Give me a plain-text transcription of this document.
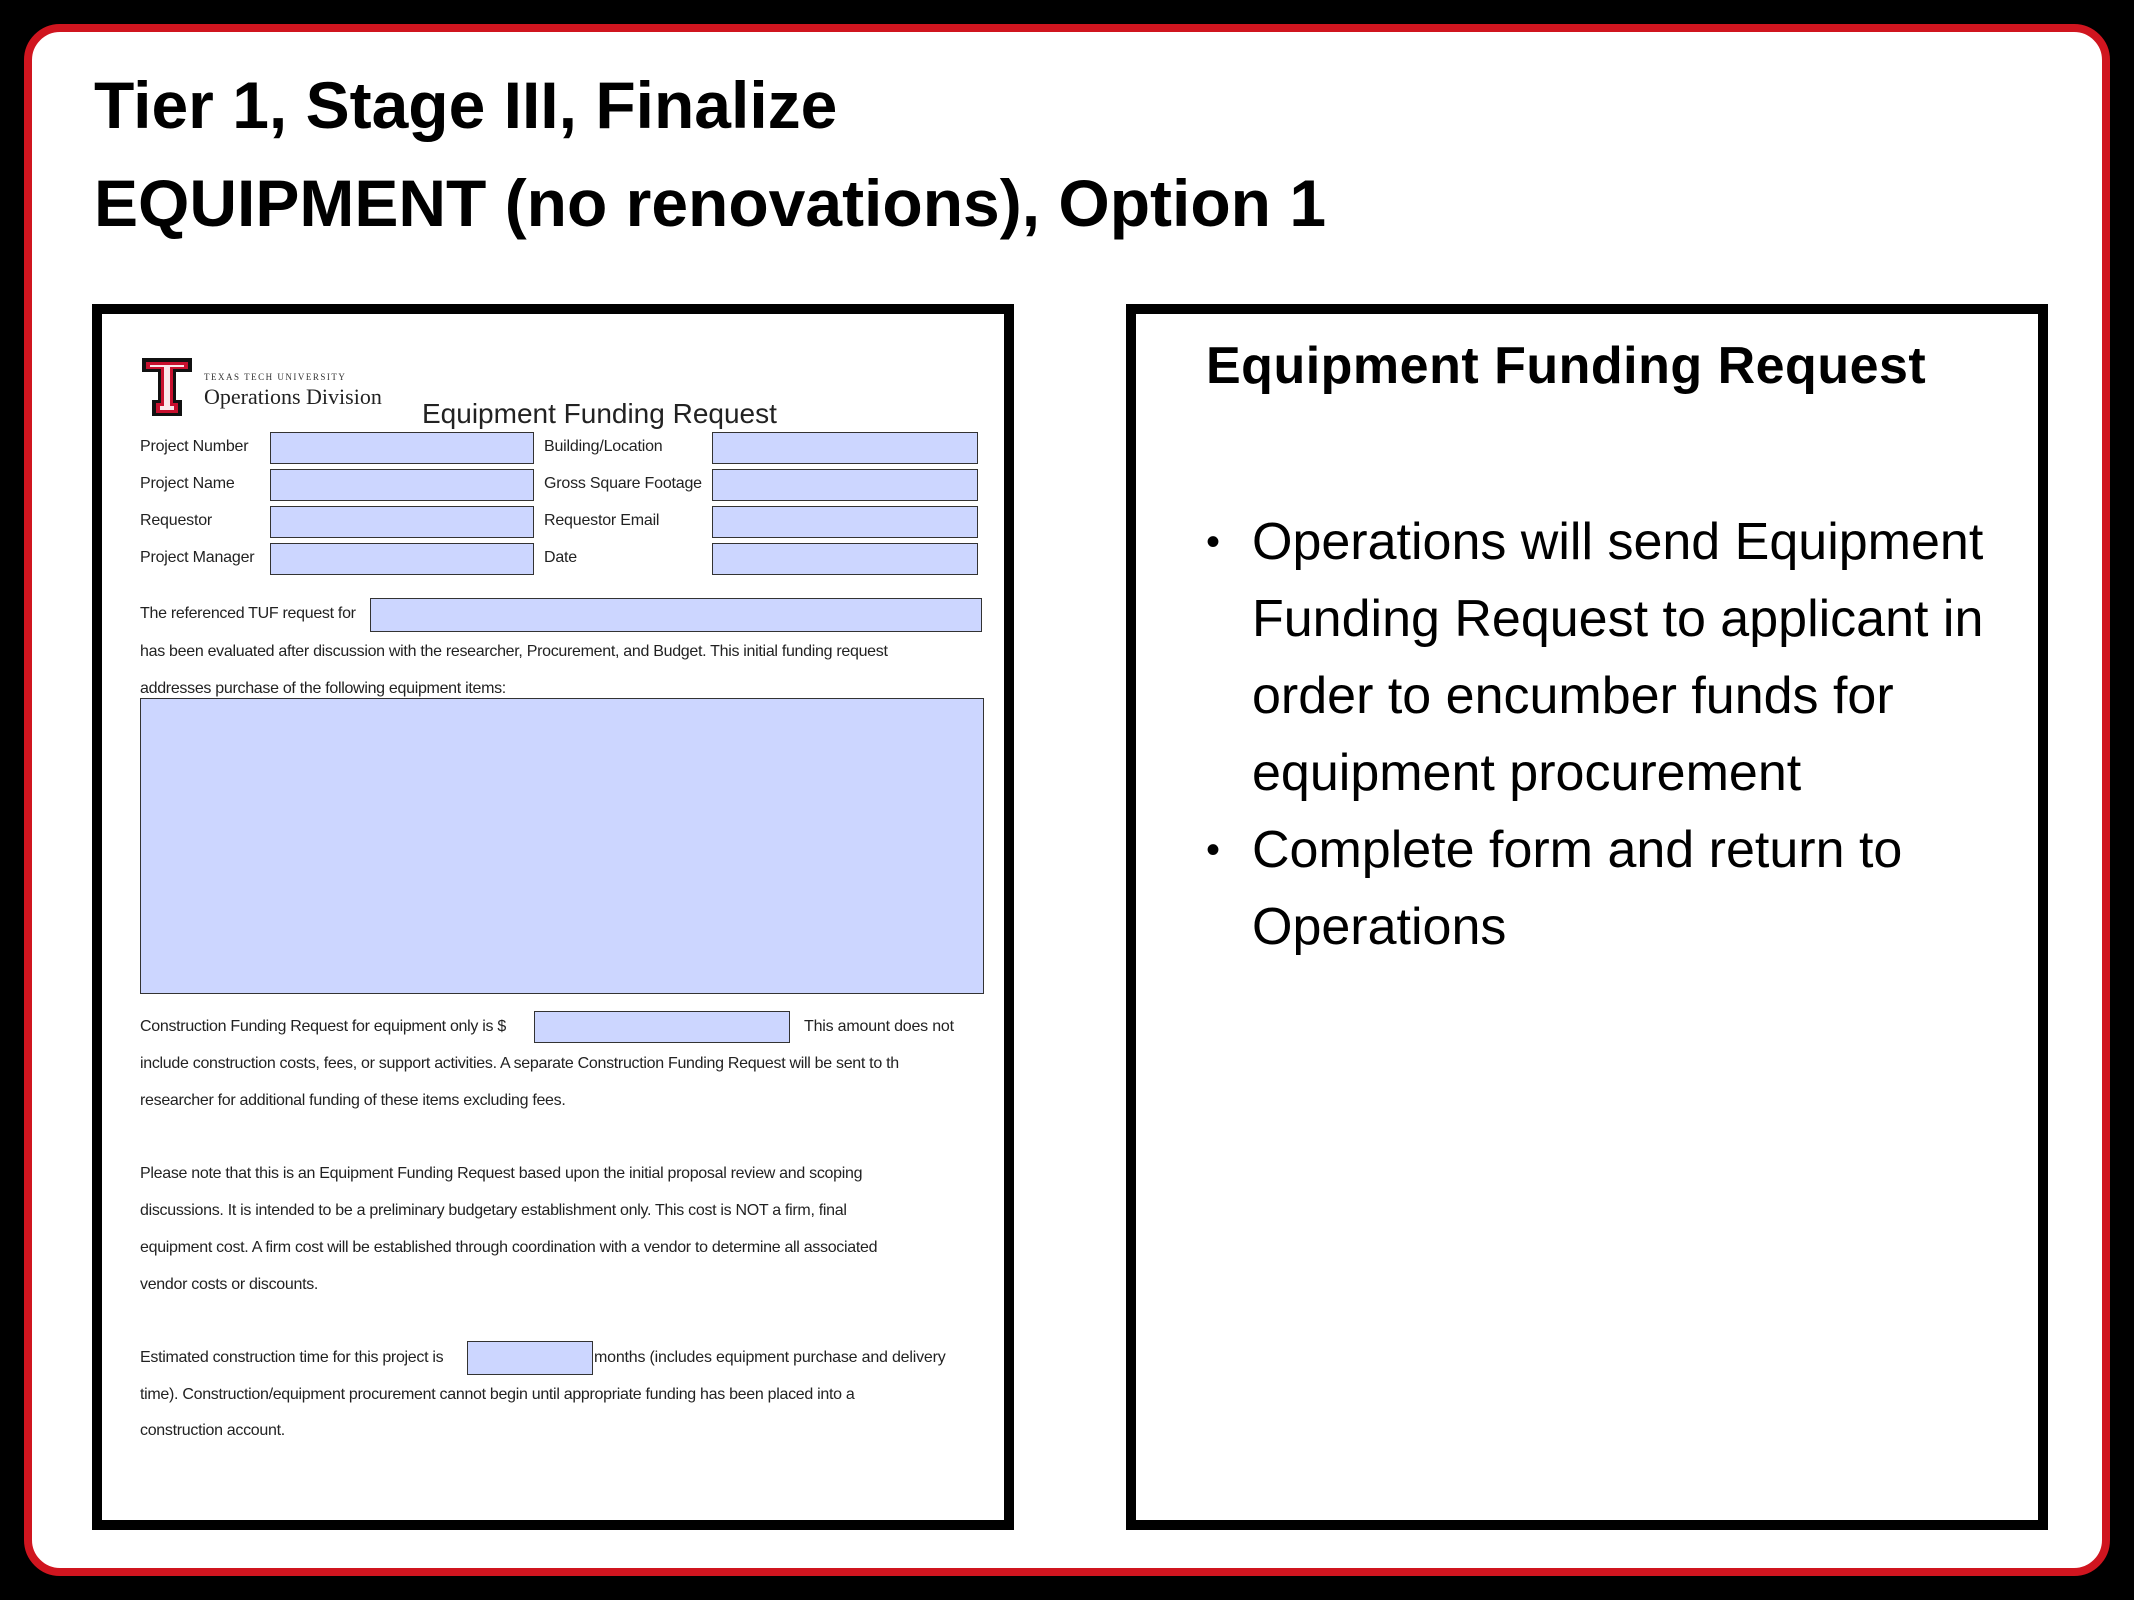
Tier 1, Stage III, Finalize
EQUIPMENT (no renovations), Option 1
TEXAS TECH UNIVERSITY
Operations Division
Equipment Funding Request
Project Number
Project Name
Requestor
Project Manager
Building/Location
Gross Square Footage
Requestor Email
Date
The referenced TUF request for
has been evaluated after discussion with the researcher, Procurement, and Budget. This initial funding request
addresses purchase of the following equipment items:
Construction Funding Request for equipment only is $	This amount does not
include construction costs, fees, or support activities. A separate Construction Funding Request will be sent to th
researcher for additional funding of these items excluding fees.
Please note that this is an Equipment Funding Request based upon the initial proposal review and scoping
discussions. It is intended to be a preliminary budgetary establishment only. This cost is NOT a firm, final
equipment cost. A firm cost will be established through coordination with a vendor to determine all associated
vendor costs or discounts.
Estimated construction time for this project is	months (includes equipment purchase and delivery
time). Construction/equipment procurement cannot begin until appropriate funding has been placed into a
construction account.
Equipment Funding Request
• Operations will send Equipment Funding Request to applicant in order to encumber funds for equipment procurement
• Complete form and return to Operations
